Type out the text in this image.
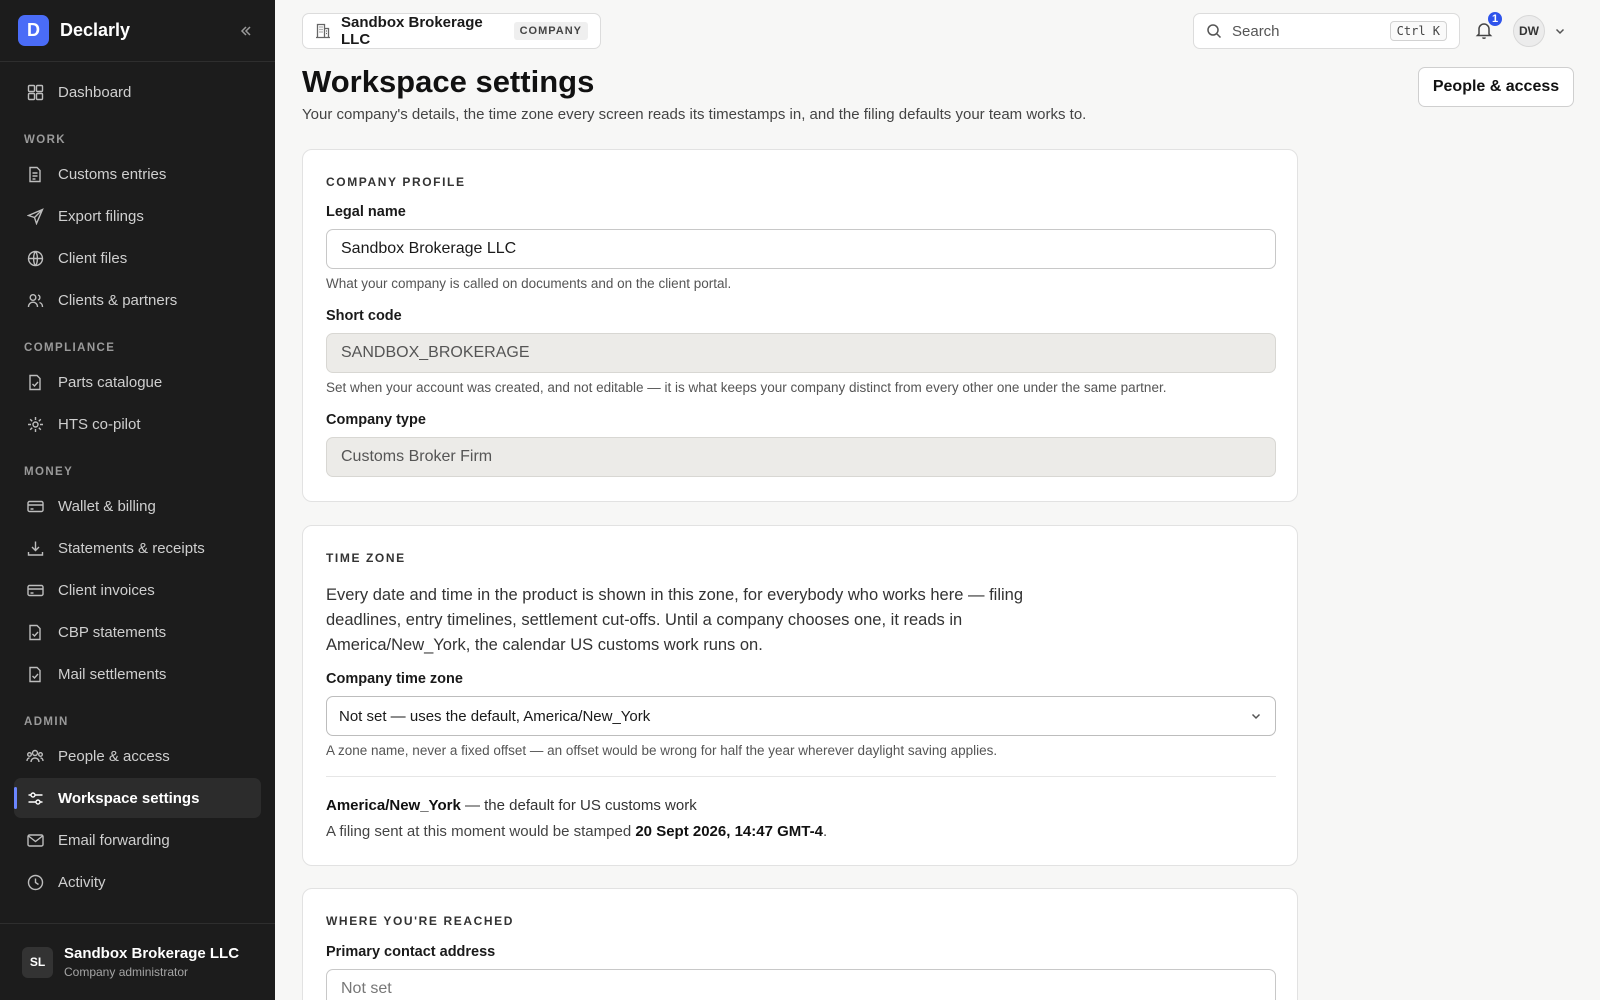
D	Declarly
Dashboard
WORK
Customs entries
Export filings
Client files
Clients & partners
COMPLIANCE
Parts catalogue
HTS co-pilot
MONEY
Wallet & billing
Statements & receipts
Client invoices
CBP statements
Mail settlements
ADMIN
People & access
Workspace settings
Email forwarding
Activity
SL	Sandbox Brokerage LLC
Company administrator
Sandbox Brokerage LLC	COMPANY	Search	Ctrl K
1
DW
Workspace settings

Your company's details, the time zone every screen reads its timestamps in, and the filing defaults your team works to.

People & access
COMPANY PROFILE
Legal name
Sandbox Brokerage LLC
What your company is called on documents and on the client portal.
Short code
SANDBOX_BROKERAGE
Set when your account was created, and not editable — it is what keeps your company distinct from every other one under the same partner.
Company type
Customs Broker Firm
TIME ZONE

Every date and time in the product is shown in this zone, for everybody who works here — filing deadlines, entry timelines, settlement cut-offs. Until a company chooses one, it reads in America/New_York, the calendar US customs work runs on.

Company time zone
Not set — uses the default, America/New_York
A zone name, never a fixed offset — an offset would be wrong for half the year wherever daylight saving applies.
America/New_York — the default for US customs work
A filing sent at this moment would be stamped 20 Sept 2026, 14:47 GMT-4.
WHERE YOU'RE REACHED
Primary contact address
Not set
